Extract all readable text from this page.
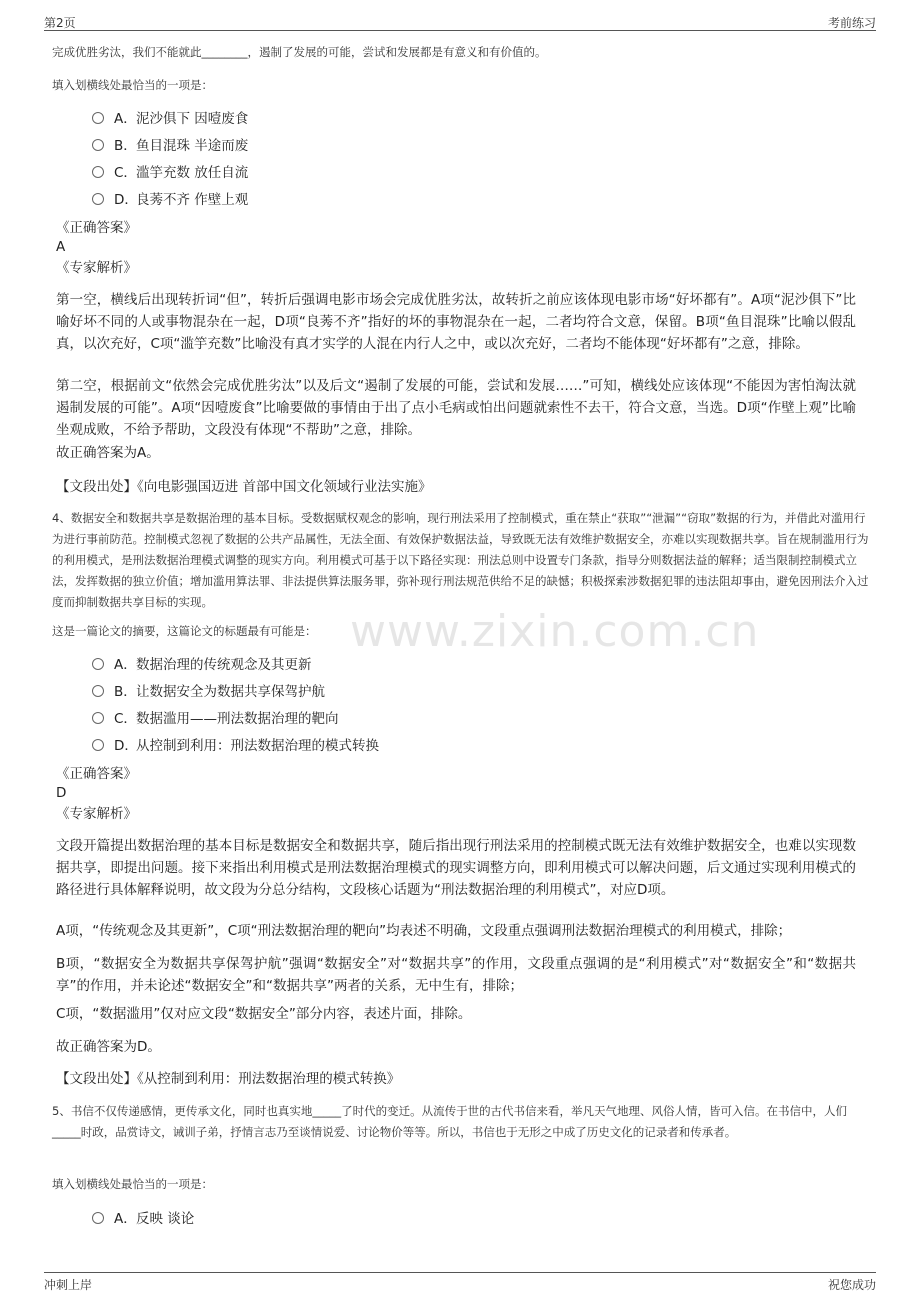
第2页	考前练习
www.zixin.com.cn
完成优胜劣汰，我们不能就此________，遏制了发展的可能，尝试和发展都是有意义和有价值的。
填入划横线处最恰当的一项是：
A．泥沙俱下 因噎废食
B．鱼目混珠 半途而废
C．滥竽充数 放任自流
D．良莠不齐 作壁上观
《正确答案》
A
《专家解析》
第一空，横线后出现转折词“但”，转折后强调电影市场会完成优胜劣汰，故转折之前应该体现电影市场“好坏都有”。A项“泥沙俱下”比喻好坏不同的人或事物混杂在一起，D项“良莠不齐”指好的坏的事物混杂在一起，二者均符合文意，保留。B项“鱼目混珠”比喻以假乱真，以次充好，C项“滥竽充数”比喻没有真才实学的人混在内行人之中，或以次充好，二者均不能体现“好坏都有”之意，排除。
第二空，根据前文“依然会完成优胜劣汰”以及后文“遏制了发展的可能，尝试和发展……”可知，横线处应该体现“不能因为害怕淘汰就遏制发展的可能”。A项“因噎废食”比喻要做的事情由于出了点小毛病或怕出问题就索性不去干，符合文意，当选。D项“作壁上观”比喻坐观成败，不给予帮助，文段没有体现“不帮助”之意，排除。
故正确答案为A。
【文段出处】《向电影强国迈进 首部中国文化领域行业法实施》
4、数据安全和数据共享是数据治理的基本目标。受数据赋权观念的影响，现行刑法采用了控制模式，重在禁止“获取”“泄漏”“窃取”数据的行为，并借此对滥用行为进行事前防范。控制模式忽视了数据的公共产品属性，无法全面、有效保护数据法益，导致既无法有效维护数据安全，亦难以实现数据共享。旨在规制滥用行为的利用模式，是刑法数据治理模式调整的现实方向。利用模式可基于以下路径实现：刑法总则中设置专门条款，指导分则数据法益的解释；适当限制控制模式立法，发挥数据的独立价值；增加滥用算法罪、非法提供算法服务罪，弥补现行刑法规范供给不足的缺憾；积极探索涉数据犯罪的违法阻却事由，避免因刑法介入过度而抑制数据共享目标的实现。
这是一篇论文的摘要，这篇论文的标题最有可能是：
A．数据治理的传统观念及其更新
B．让数据安全为数据共享保驾护航
C．数据滥用——刑法数据治理的靶向
D．从控制到利用：刑法数据治理的模式转换
《正确答案》
D
《专家解析》
文段开篇提出数据治理的基本目标是数据安全和数据共享，随后指出现行刑法采用的控制模式既无法有效维护数据安全，也难以实现数据共享，即提出问题。接下来指出利用模式是刑法数据治理模式的现实调整方向，即利用模式可以解决问题，后文通过实现利用模式的路径进行具体解释说明，故文段为分总分结构，文段核心话题为“刑法数据治理的利用模式”，对应D项。
A项，“传统观念及其更新”，C项“刑法数据治理的靶向”均表述不明确，文段重点强调刑法数据治理模式的利用模式，排除；
B项，“数据安全为数据共享保驾护航”强调“数据安全”对“数据共享”的作用，文段重点强调的是“利用模式”对“数据安全”和“数据共享”的作用，并未论述“数据安全”和“数据共享”两者的关系，无中生有，排除；
C项，“数据滥用”仅对应文段“数据安全”部分内容，表述片面，排除。
故正确答案为D。
【文段出处】《从控制到利用：刑法数据治理的模式转换》
5、书信不仅传递感情，更传承文化，同时也真实地_____了时代的变迁。从流传于世的古代书信来看，举凡天气地理、风俗人情，皆可入信。在书信中，人们_____时政，品赏诗文，诫训子弟，抒情言志乃至谈情说爱、讨论物价等等。所以，书信也于无形之中成了历史文化的记录者和传承者。
填入划横线处最恰当的一项是：
A．反映 谈论
冲刺上岸	祝您成功
